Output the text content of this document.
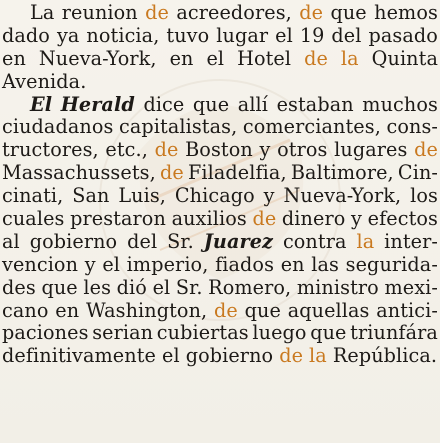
La reunion de acreedores, de que hemos
dado ya noticia, tuvo lugar el 19 del pasado
en Nueva-York, en el Hotel de la Quinta
Avenida.
El Herald dice que allí estaban muchos
ciudadanos capitalistas, comerciantes, cons-
tructores, etc., de Boston y otros lugares de
Massachussets, de Filadelfia, Baltimore, Cin-
cinati, San Luis, Chicago y Nueva-York, los
cuales prestaron auxilios de dinero y efectos
al gobierno del Sr. Juarez contra la inter-
vencion y el imperio, fiados en las segurida-
des que les dió el Sr. Romero, ministro mexi-
cano en Washington, de que aquellas antici-
paciones serian cubiertas luego que triunfára
definitivamente el gobierno de la República.
